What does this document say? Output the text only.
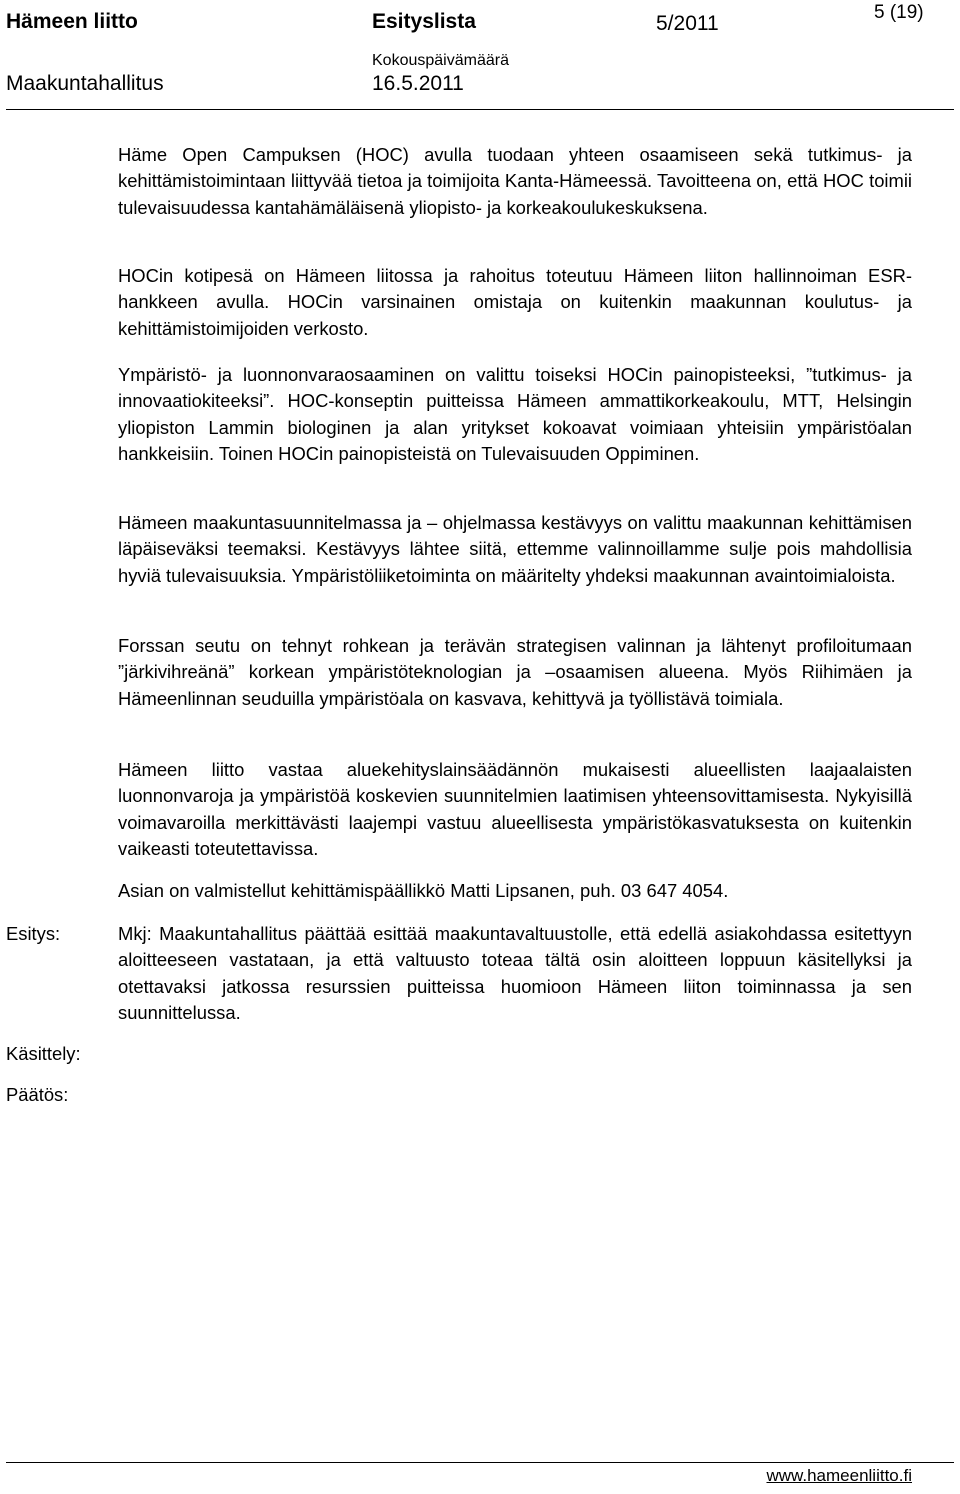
Hämeen liitto	Esityslista	5/2011	5 (19)
Kokouspäivämäärä
Maakuntahallitus	16.5.2011

Häme Open Campuksen (HOC) avulla tuodaan yhteen osaamiseen sekä tutkimus- ja kehittämistoimintaan liittyvää tietoa ja toimijoita Kanta-Hämeessä. Tavoitteena on, että HOC toimii tulevaisuudessa kantahämäläisenä yliopisto- ja korkeakoulukeskuksena.

HOCin kotipesä on Hämeen liitossa ja rahoitus toteutuu Hämeen liiton hallinnoiman ESR-hankkeen avulla. HOCin varsinainen omistaja on kuitenkin maakunnan koulutus- ja kehittämistoimijoiden verkosto.

Ympäristö- ja luonnonvaraosaaminen on valittu toiseksi HOCin painopisteeksi, ”tutkimus- ja innovaatiokiteeksi”. HOC-konseptin puitteissa Hämeen ammattikorkeakoulu, MTT, Helsingin yliopiston Lammin biologinen ja alan yritykset kokoavat voimiaan yhteisiin ympäristöalan hankkeisiin. Toinen HOCin painopisteistä on Tulevaisuuden Oppiminen.

Hämeen maakuntasuunnitelmassa ja – ohjelmassa kestävyys on valittu maakunnan kehittämisen läpäiseväksi teemaksi. Kestävyys lähtee siitä, ettemme valinnoillamme sulje pois mahdollisia hyviä tulevaisuuksia. Ympäristöliiketoiminta on määritelty yhdeksi maakunnan avaintoimialoista.

Forssan seutu on tehnyt rohkean ja terävän strategisen valinnan ja lähtenyt profiloitumaan ”järkivihreänä” korkean ympäristöteknologian ja –osaamisen alueena. Myös Riihimäen ja Hämeenlinnan seuduilla ympäristöala on kasvava, kehittyvä ja työllistävä toimiala.

Hämeen liitto vastaa aluekehityslainsäädännön mukaisesti alueellisten laajaalaisten luonnonvaroja ja ympäristöä koskevien suunnitelmien laatimisen yhteensovittamisesta. Nykyisillä voimavaroilla merkittävästi laajempi vastuu alueellisesta ympäristökasvatuksesta on kuitenkin vaikeasti toteutettavissa.

Asian on valmistellut kehittämispäällikkö Matti Lipsanen, puh. 03 647 4054.

Esitys:	Mkj: Maakuntahallitus päättää esittää maakuntavaltuustolle, että edellä asiakohdassa esitettyyn aloitteeseen vastataan, ja että valtuusto toteaa tältä osin aloitteen loppuun käsitellyksi ja otettavaksi jatkossa resurssien puitteissa huomioon Hämeen liiton toiminnassa ja sen suunnittelussa.

Käsittely:
Päätös:
www.hameenliitto.fi
